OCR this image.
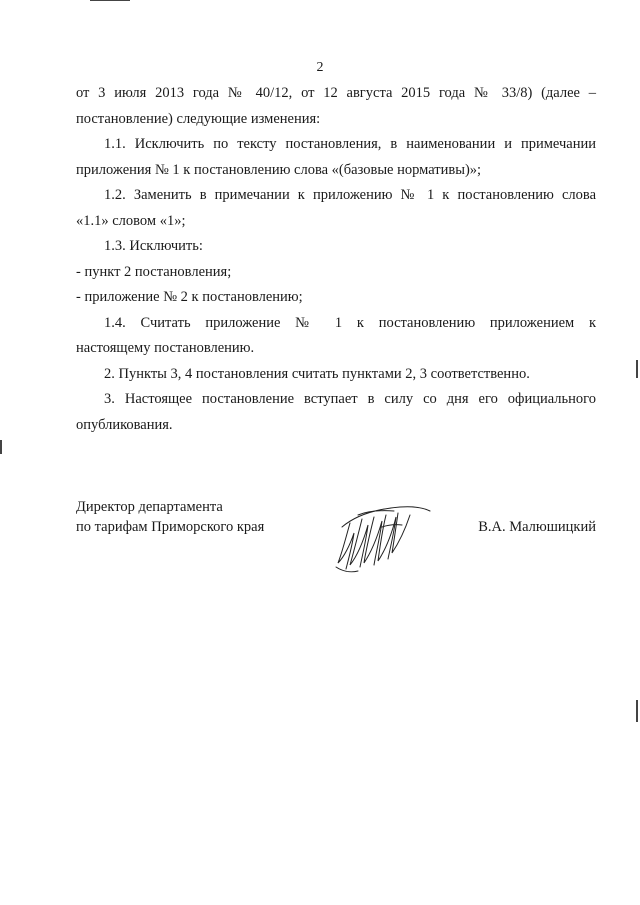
2
от 3 июля 2013 года № 40/12, от 12 августа 2015 года № 33/8) (далее –
постановление) следующие изменения:
1.1. Исключить по тексту постановления, в наименовании и примечании
приложения № 1 к постановлению слова «(базовые нормативы)»;
1.2. Заменить в примечании к приложению № 1 к постановлению слова
«1.1» словом «1»;
1.3. Исключить:
- пункт 2 постановления;
- приложение № 2 к постановлению;
1.4. Считать приложение № 1 к постановлению приложением к
настоящему постановлению.
2. Пункты 3, 4 постановления считать пунктами 2, 3 соответственно.
3. Настоящее постановление вступает в силу со дня его официального
опубликования.
Директор департамента
по тарифам Приморского края	В.А. Малюшицкий
